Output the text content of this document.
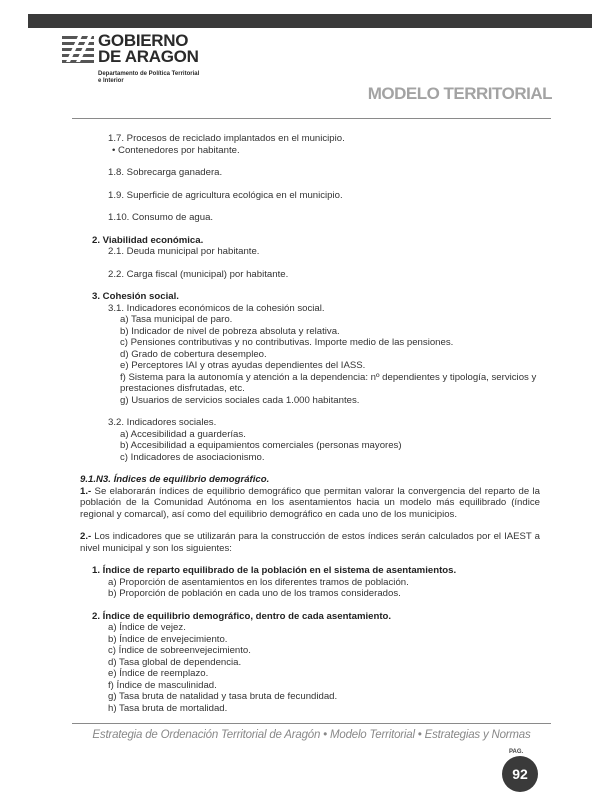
GOBIERNO
DE ARAGON
Departamento de Política Territorial
e Interior
MODELO TERRITORIAL

1.7. Procesos de reciclado implantados en el municipio.

• Contenedores por habitante.

1.8. Sobrecarga ganadera.

1.9. Superficie de agricultura ecológica en el municipio.

1.10. Consumo de agua.

2. Viabilidad económica.

2.1. Deuda municipal por habitante.

2.2. Carga fiscal (municipal) por habitante.

3. Cohesión social.

3.1. Indicadores económicos de la cohesión social.

a) Tasa municipal de paro.

b) Indicador de nivel de pobreza absoluta y relativa.

c) Pensiones contributivas y no contributivas. Importe medio de las pensiones.

d) Grado de cobertura desempleo.

e) Perceptores IAI y otras ayudas dependientes del IASS.

f) Sistema para la autonomía y atención a la dependencia: nº dependientes y tipología, servicios y prestaciones disfrutadas, etc.

g) Usuarios de servicios sociales cada 1.000 habitantes.

3.2. Indicadores sociales.

a) Accesibilidad a guarderías.

b) Accesibilidad a equipamientos comerciales (personas mayores)

c) Indicadores de asociacionismo.

9.1.N3. Índices de equilibrio demográfico.

1.- Se elaborarán índices de equilibrio demográfico que permitan valorar la convergencia del reparto de la población de la Comunidad Autónoma en los asentamientos hacia un modelo más equilibrado (índice regional y comarcal), así como del equilibrio demográfico en cada uno de los municipios.

2.- Los indicadores que se utilizarán para la construcción de estos índices serán calculados por el IAEST a nivel municipal y son los siguientes:

1. Índice de reparto equilibrado de la población en el sistema de asentamientos.

a) Proporción de asentamientos en los diferentes tramos de población.

b) Proporción de población en cada uno de los tramos considerados.

2. Índice de equilibrio demográfico, dentro de cada asentamiento.

a) Índice de vejez.

b) Índice de envejecimiento.

c) Índice de sobreenvejecimiento.

d) Tasa global de dependencia.

e) Índice de reemplazo.

f) Índice de masculinidad.

g) Tasa bruta de natalidad y tasa bruta de fecundidad.

h) Tasa bruta de mortalidad.

Estrategia de Ordenación Territorial de Aragón • Modelo Territorial • Estrategias y Normas
PAG.
92
